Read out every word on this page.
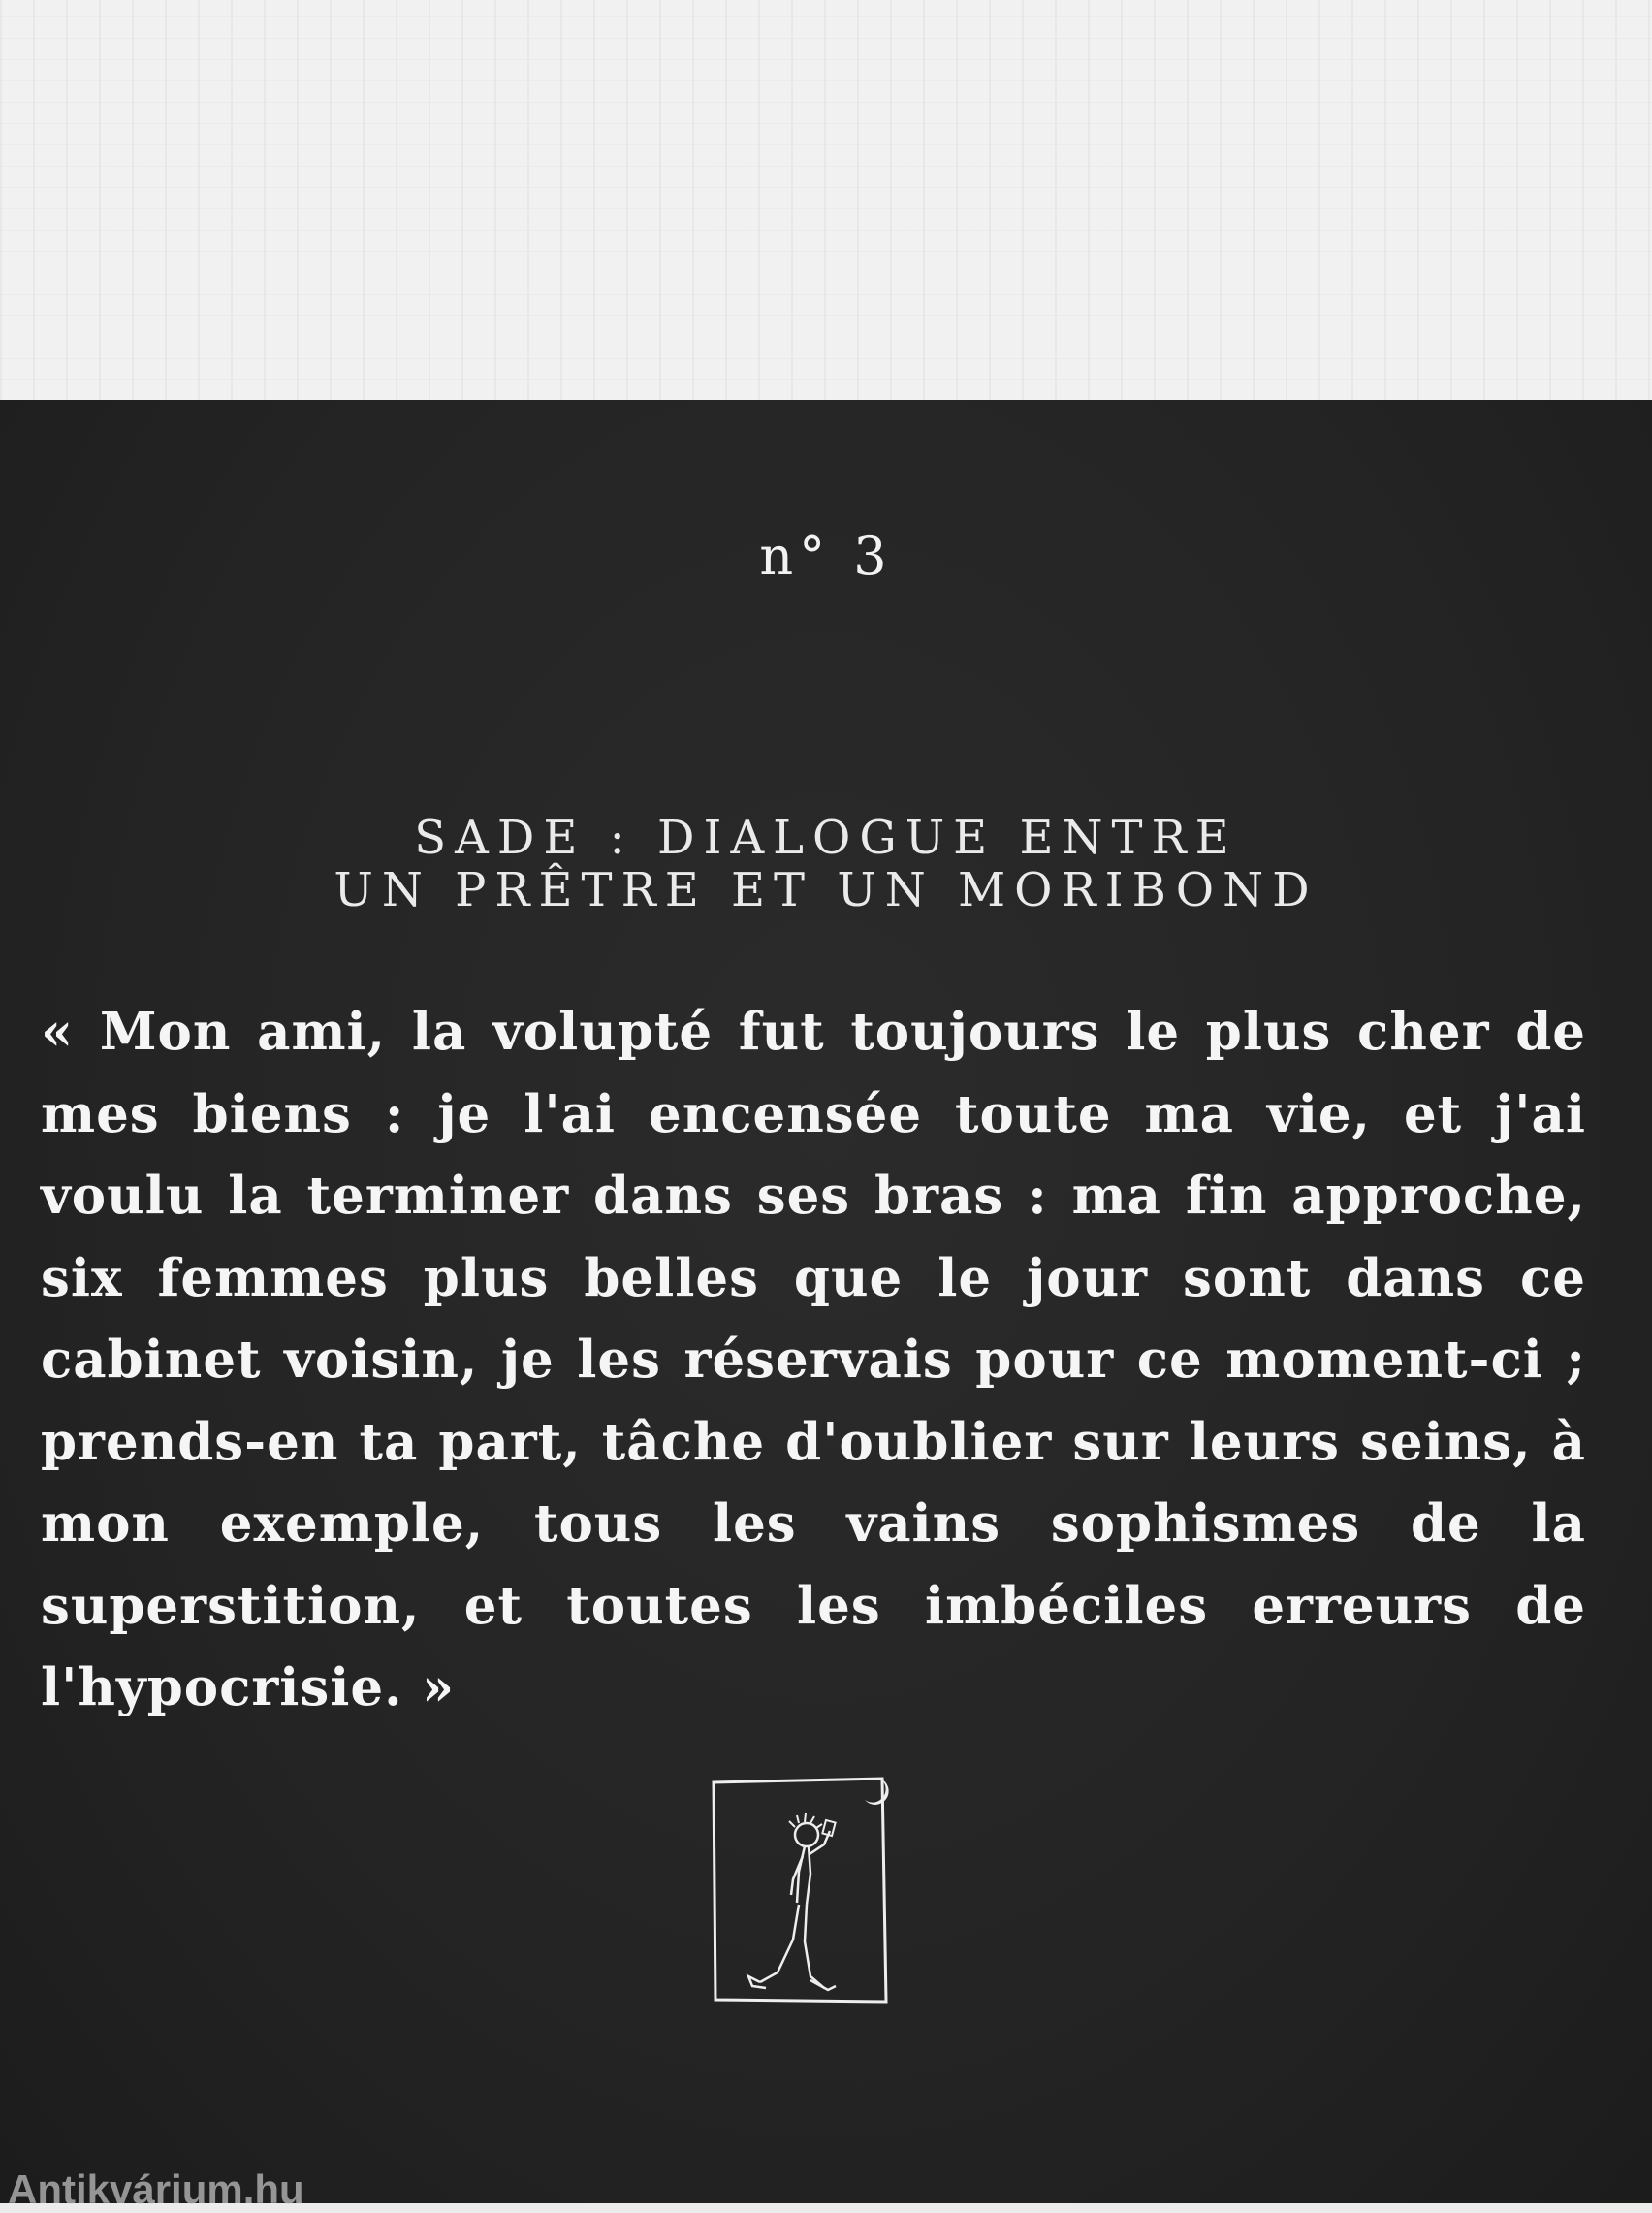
n° 3
SADE : DIALOGUE ENTRE
UN PRÊTRE ET UN MORIBOND

« Mon ami, la volupté fut toujours le plus cher de mes biens : je l'ai encensée toute ma vie, et j'ai voulu la terminer dans ses bras : ma fin approche, six femmes plus belles que le jour sont dans ce cabinet voisin, je les réservais pour ce moment-ci ; prends-en ta part, tâche d'oublier sur leurs seins, à mon exemple, tous les vains sophismes de la superstition, et toutes les imbéciles erreurs de l'hypocrisie. »

Antikvárium.hu
